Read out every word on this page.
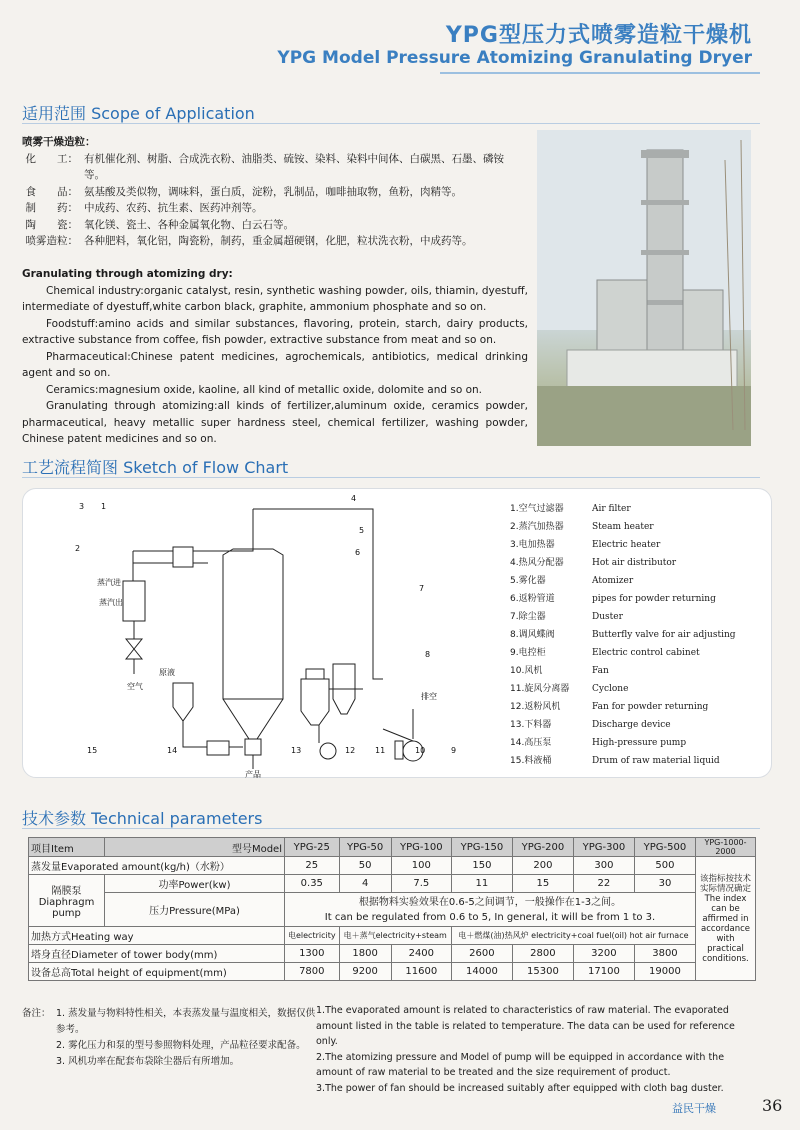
YPG型压力式喷雾造粒干燥机
YPG Model Pressure Atomizing Granulating Dryer
适用范围 Scope of Application
喷雾干燥造粒：
化　　工： 有机催化剂、树脂、合成洗衣粉、油脂类、硫铵、染料、染料中间体、白碳黑、石墨、磷铵等。
食　　品： 氨基酸及类似物，调味料，蛋白质，淀粉，乳制品，咖啡抽取物，鱼粉，肉精等。
制　　药： 中成药、农药、抗生素、医药冲剂等。
陶　　瓷： 氧化镁、瓷土、各种金属氧化物、白云石等。
喷雾造粒： 各种肥料，氧化铝，陶瓷粉，制药，重金属超硬钢，化肥，粒状洗衣粉，中成药等。
Granulating through atomizing dry:
Chemical industry:organic catalyst, resin, synthetic washing powder, oils, thiamin, dyestuff, intermediate of dyestuff,white carbon black, graphite, ammonium phosphate and so on.
Foodstuff:amino acids and similar substances, flavoring, protein, starch, dairy products, extractive substance from coffee, fish powder, extractive substance from meat and so on.
Pharmaceutical:Chinese patent medicines, agrochemicals, antibiotics, medical drinking agent and so on.
Ceramics:magnesium oxide, kaoline, all kind of metallic oxide, dolomite and so on.
Granulating through atomizing:all kinds of fertilizer,aluminum oxide, ceramics powder, pharmaceutical, heavy metallic super hardness steel, chemical fertilizer, washing powder, Chinese patent medicines and so on.
工艺流程简图 Sketch of Flow Chart
1
2
3
4
5
6
7
8
9
10
11
12
13
14
15
蒸汽进
蒸汽出
空气
原液
产品
排空
1.空气过滤器	Air filter
2.蒸汽加热器	Steam heater
3.电加热器	Electric heater
4.热风分配器	Hot air distributor
5.雾化器	Atomizer
6.返粉管道	pipes for powder returning
7.除尘器	Duster
8.调风蝶阀	Butterfly valve for air adjusting
9.电控柜	Electric control cabinet
10.风机	Fan
11.旋风分离器	Cyclone
12.返粉风机	Fan for powder returning
13.下料器	Discharge device
14.高压泵	High-pressure pump
15.料液桶	Drum of raw material liquid
技术参数 Technical parameters
项目Item	型号Model	YPG-25	YPG-50	YPG-100	YPG-150	YPG-200	YPG-300	YPG-500	YPG-1000-2000
蒸发量Evaporated amount(kg/h)（水粉）		25	50	100	150	200	300	500	该指标按技术实际情况确定
The index can be affirmed in accordance with practical conditions.

隔膜泵 Diaphragm pump	功率Power(kw)	0.35	4	7.5	11	15	22	30	
	压力Pressure(MPa)	根据物料实验效果在0.6-5之间调节，一般操作在1-3之间。
It can be regulated from 0.6 to 5, In general, it will be from 1 to 3.							

加热方式Heating way		电electricity	电＋蒸气electricity+steam		电＋燃煤(油)热风炉 electricity+coal fuel(oil) hot air furnace				
塔身直径Diameter of tower body(mm)		1300	1800	2400	2600	2800	3200	3800	
设备总高Total height of equipment(mm)		7800	9200	11600	14000	15300	17100	19000	
备注： 1. 蒸发量与物料特性相关，本表蒸发量与温度相关，数据仅供参考。
2. 雾化压力和泵的型号参照物料处理，产品粒径要求配备。
3. 风机功率在配套布袋除尘器后有所增加。
1.The evaporated amount is related to characteristics of raw material. The evaporated amount listed in the table is related to temperature. The data can be used for reference only.
2.The atomizing pressure and Model of pump will be equipped in accordance with the amount of raw material to be treated and the size requirement of product.
3.The power of fan should be increased suitably after equipped with cloth bag duster.
益民干燥	36
